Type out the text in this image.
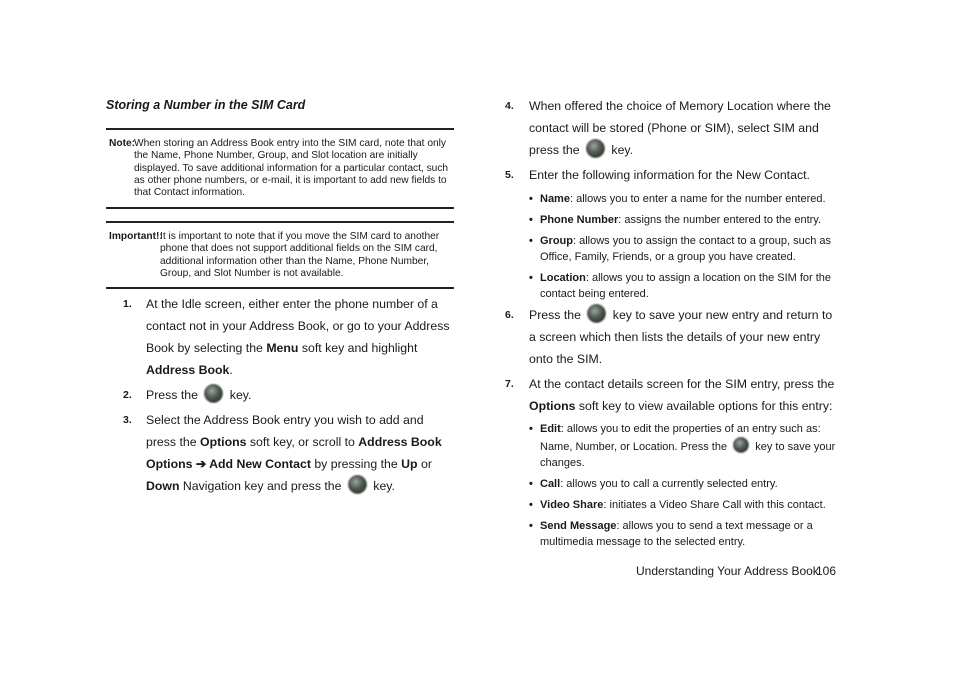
Storing a Number in the SIM Card
Note:
When storing an Address Book entry into the SIM card, note that only the Name, Phone Number, Group, and Slot location are initially displayed. To save additional information for a particular contact, such as other phone numbers, or e-mail, it is important to add new fields to that Contact information.
Important!:
It is important to note that if you move the SIM card to another phone that does not support additional fields on the SIM card, additional information other than the Name, Phone Number, Group, and Slot Number is not available.
1. At the Idle screen, either enter the phone number of a contact not in your Address Book, or go to your Address Book by selecting the Menu soft key and highlight Address Book.
2. Press the  key.
3. Select the Address Book entry you wish to add and press the Options soft key, or scroll to Address Book Options ➔ Add New Contact by pressing the Up or Down Navigation key and press the  key.
4. When offered the choice of Memory Location where the contact will be stored (Phone or SIM), select SIM and press the  key.
5. Enter the following information for the New Contact.
• Name: allows you to enter a name for the number entered.
• Phone Number: assigns the number entered to the entry.
• Group: allows you to assign the contact to a group, such as Office, Family, Friends, or a group you have created.
• Location: allows you to assign a location on the SIM for the contact being entered.
6. Press the  key to save your new entry and return to a screen which then lists the details of your new entry onto the SIM.
7. At the contact details screen for the SIM entry, press the Options soft key to view available options for this entry:
• Edit: allows you to edit the properties of an entry such as: Name, Number, or Location. Press the  key to save your changes.
• Call: allows you to call a currently selected entry.
• Video Share: initiates a Video Share Call with this contact.
• Send Message: allows you to send a text message or a multimedia message to the selected entry.
Understanding Your Address Book
106
